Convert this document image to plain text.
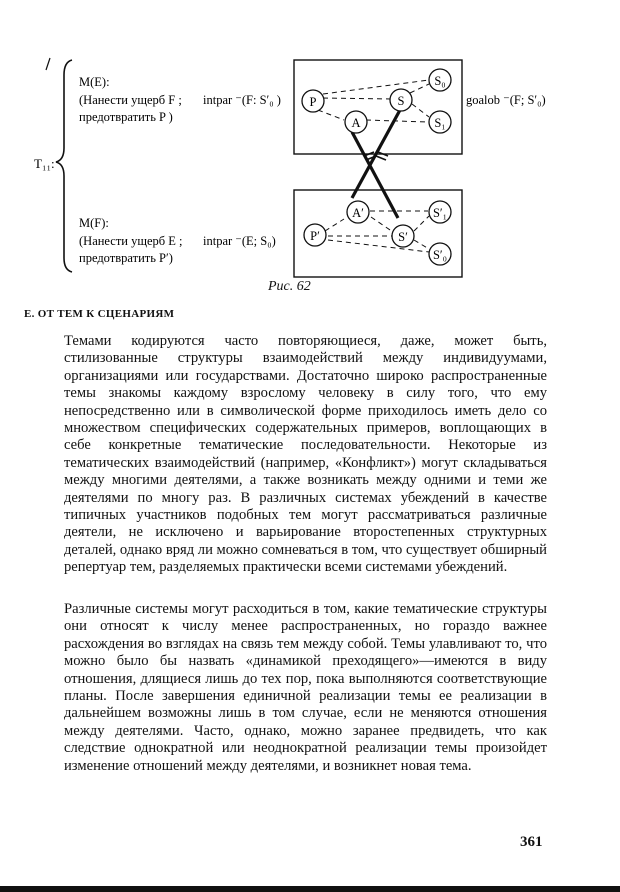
T₁₁:
M(E):
(Нанести ущерб F ;
предотвратить P )
intpar ⁻(F: S′₀ )
M(F):
(Нанести ущерб E ;
предотвратить P′)
intpar ⁻(E; S₀)
goalob ⁻(F; S′₀)
P
A
S
S₀
S₁
A′
P′	S′
S′₁
S′₀
Рис. 62
Е. ОТ ТЕМ К СЦЕНАРИЯМ

Темами кодируются часто повторяющиеся, даже, может быть, стилизованные структуры взаимодействий между индивидуумами, организациями или государствами. Достаточно широко распространенные темы знакомы каждому взрослому человеку в силу того, что ему непосредственно или в символической форме приходилось иметь дело со множеством специфических содержательных примеров, воплощающих в себе конкретные тематические последовательности. Некоторые из тематических взаимодействий (например, «Конфликт») могут складываться между многими деятелями, а также возникать между одними и теми же деятелями по многу раз. В различных системах убеждений в качестве типичных участников подобных тем могут рассматриваться различные деятели, не исключено и варьирование второстепенных структурных деталей, однако вряд ли можно сомневаться в том, что существует обширный репертуар тем, разделяемых практически всеми системами убеждений.

Различные системы могут расходиться в том, какие тематические структуры они относят к числу менее распространенных, но гораздо важнее расхождения во взглядах на связь тем между собой. Темы улавливают то, что можно было бы назвать «динамикой преходящего»—имеются в виду отношения, длящиеся лишь до тех пор, пока выполняются соответствующие планы. После завершения единичной реализации темы ее реализации в дальнейшем возможны лишь в том случае, если не меняются отношения между деятелями. Часто, однако, можно заранее предвидеть, что как следствие однократной или неоднократной реализации темы произойдет изменение отношений между деятелями, и возникнет новая тема.

361
